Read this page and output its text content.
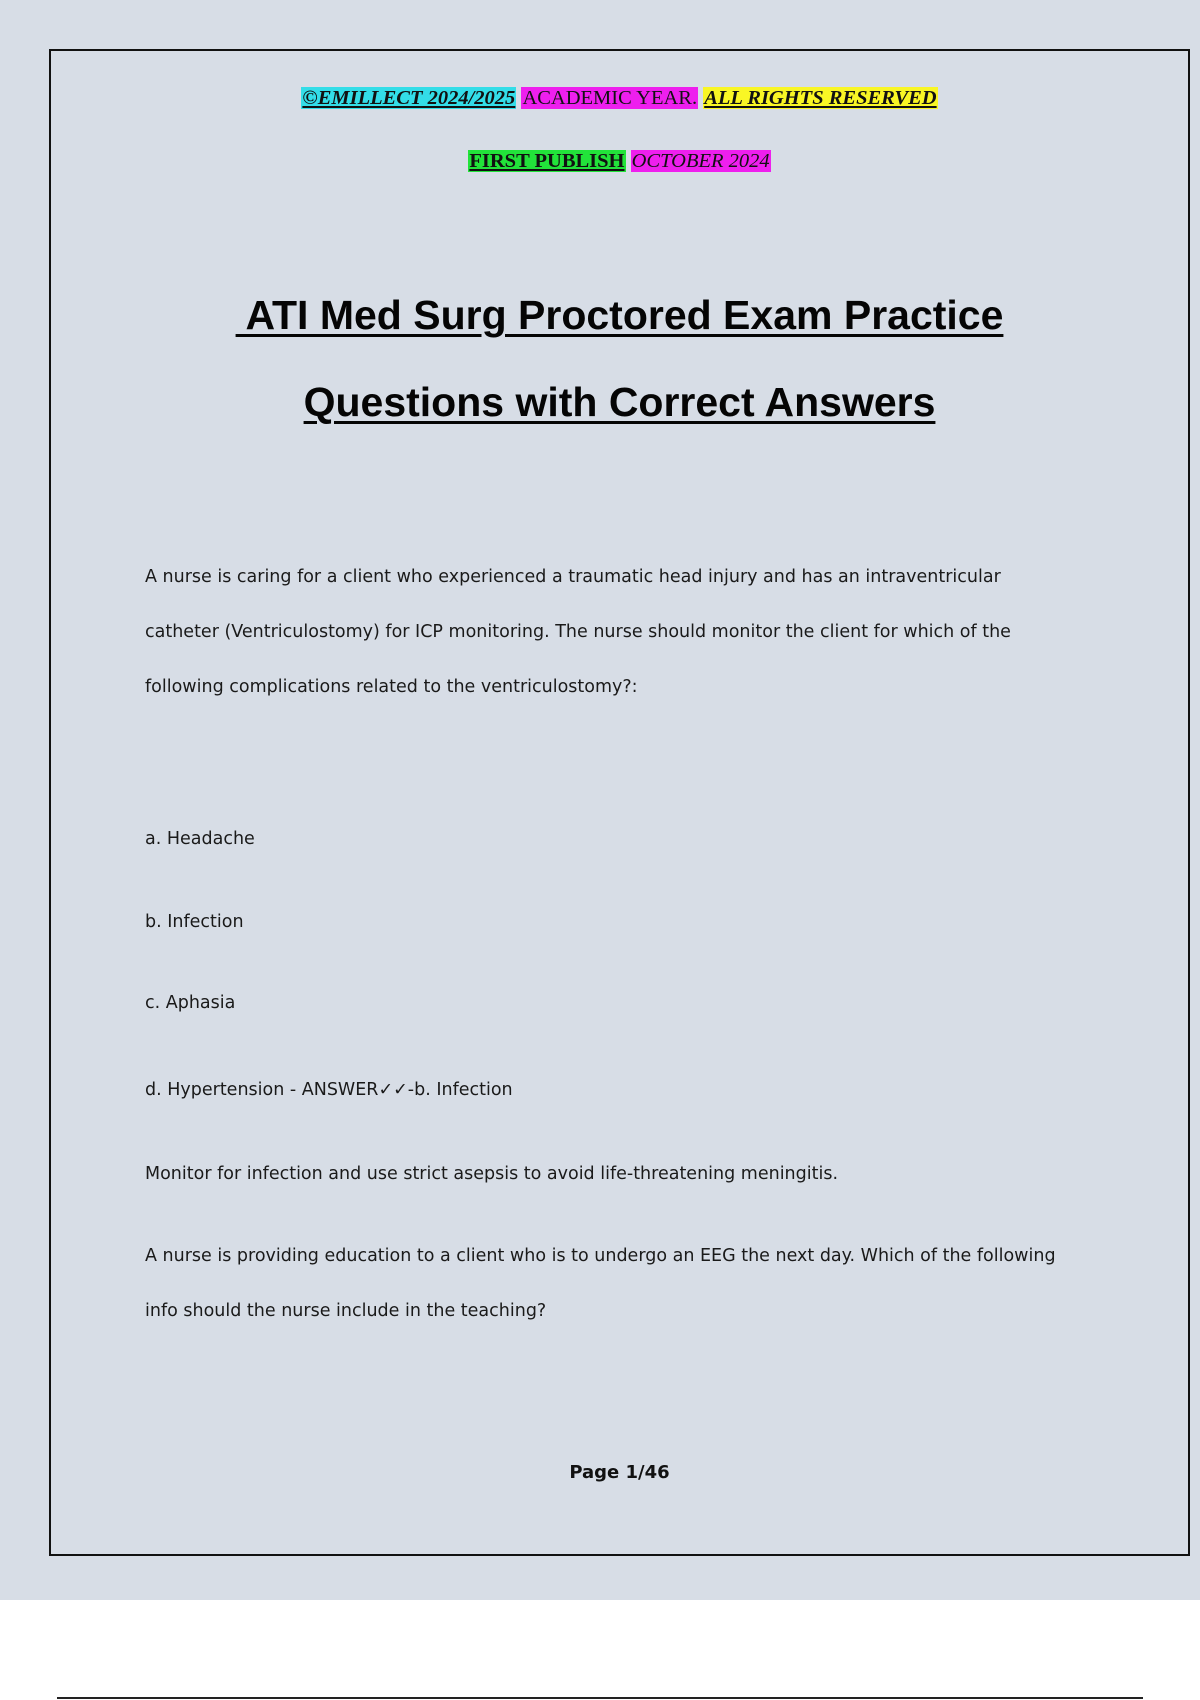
©EMILLECT 2024/2025 ACADEMIC YEAR. ALL RIGHTS RESERVED
FIRST PUBLISH OCTOBER 2024
ATI Med Surg Proctored Exam Practice
Questions with Correct Answers
A nurse is caring for a client who experienced a traumatic head injury and has an intraventricular catheter (Ventriculostomy) for ICP monitoring. The nurse should monitor the client for which of the following complications related to the ventriculostomy?:
a. Headache
b. Infection
c. Aphasia
d. Hypertension - ANSWER✓✓-b. Infection
Monitor for infection and use strict asepsis to avoid life-threatening meningitis.
A nurse is providing education to a client who is to undergo an EEG the next day. Which of the following info should the nurse include in the teaching?
Page 1/46
